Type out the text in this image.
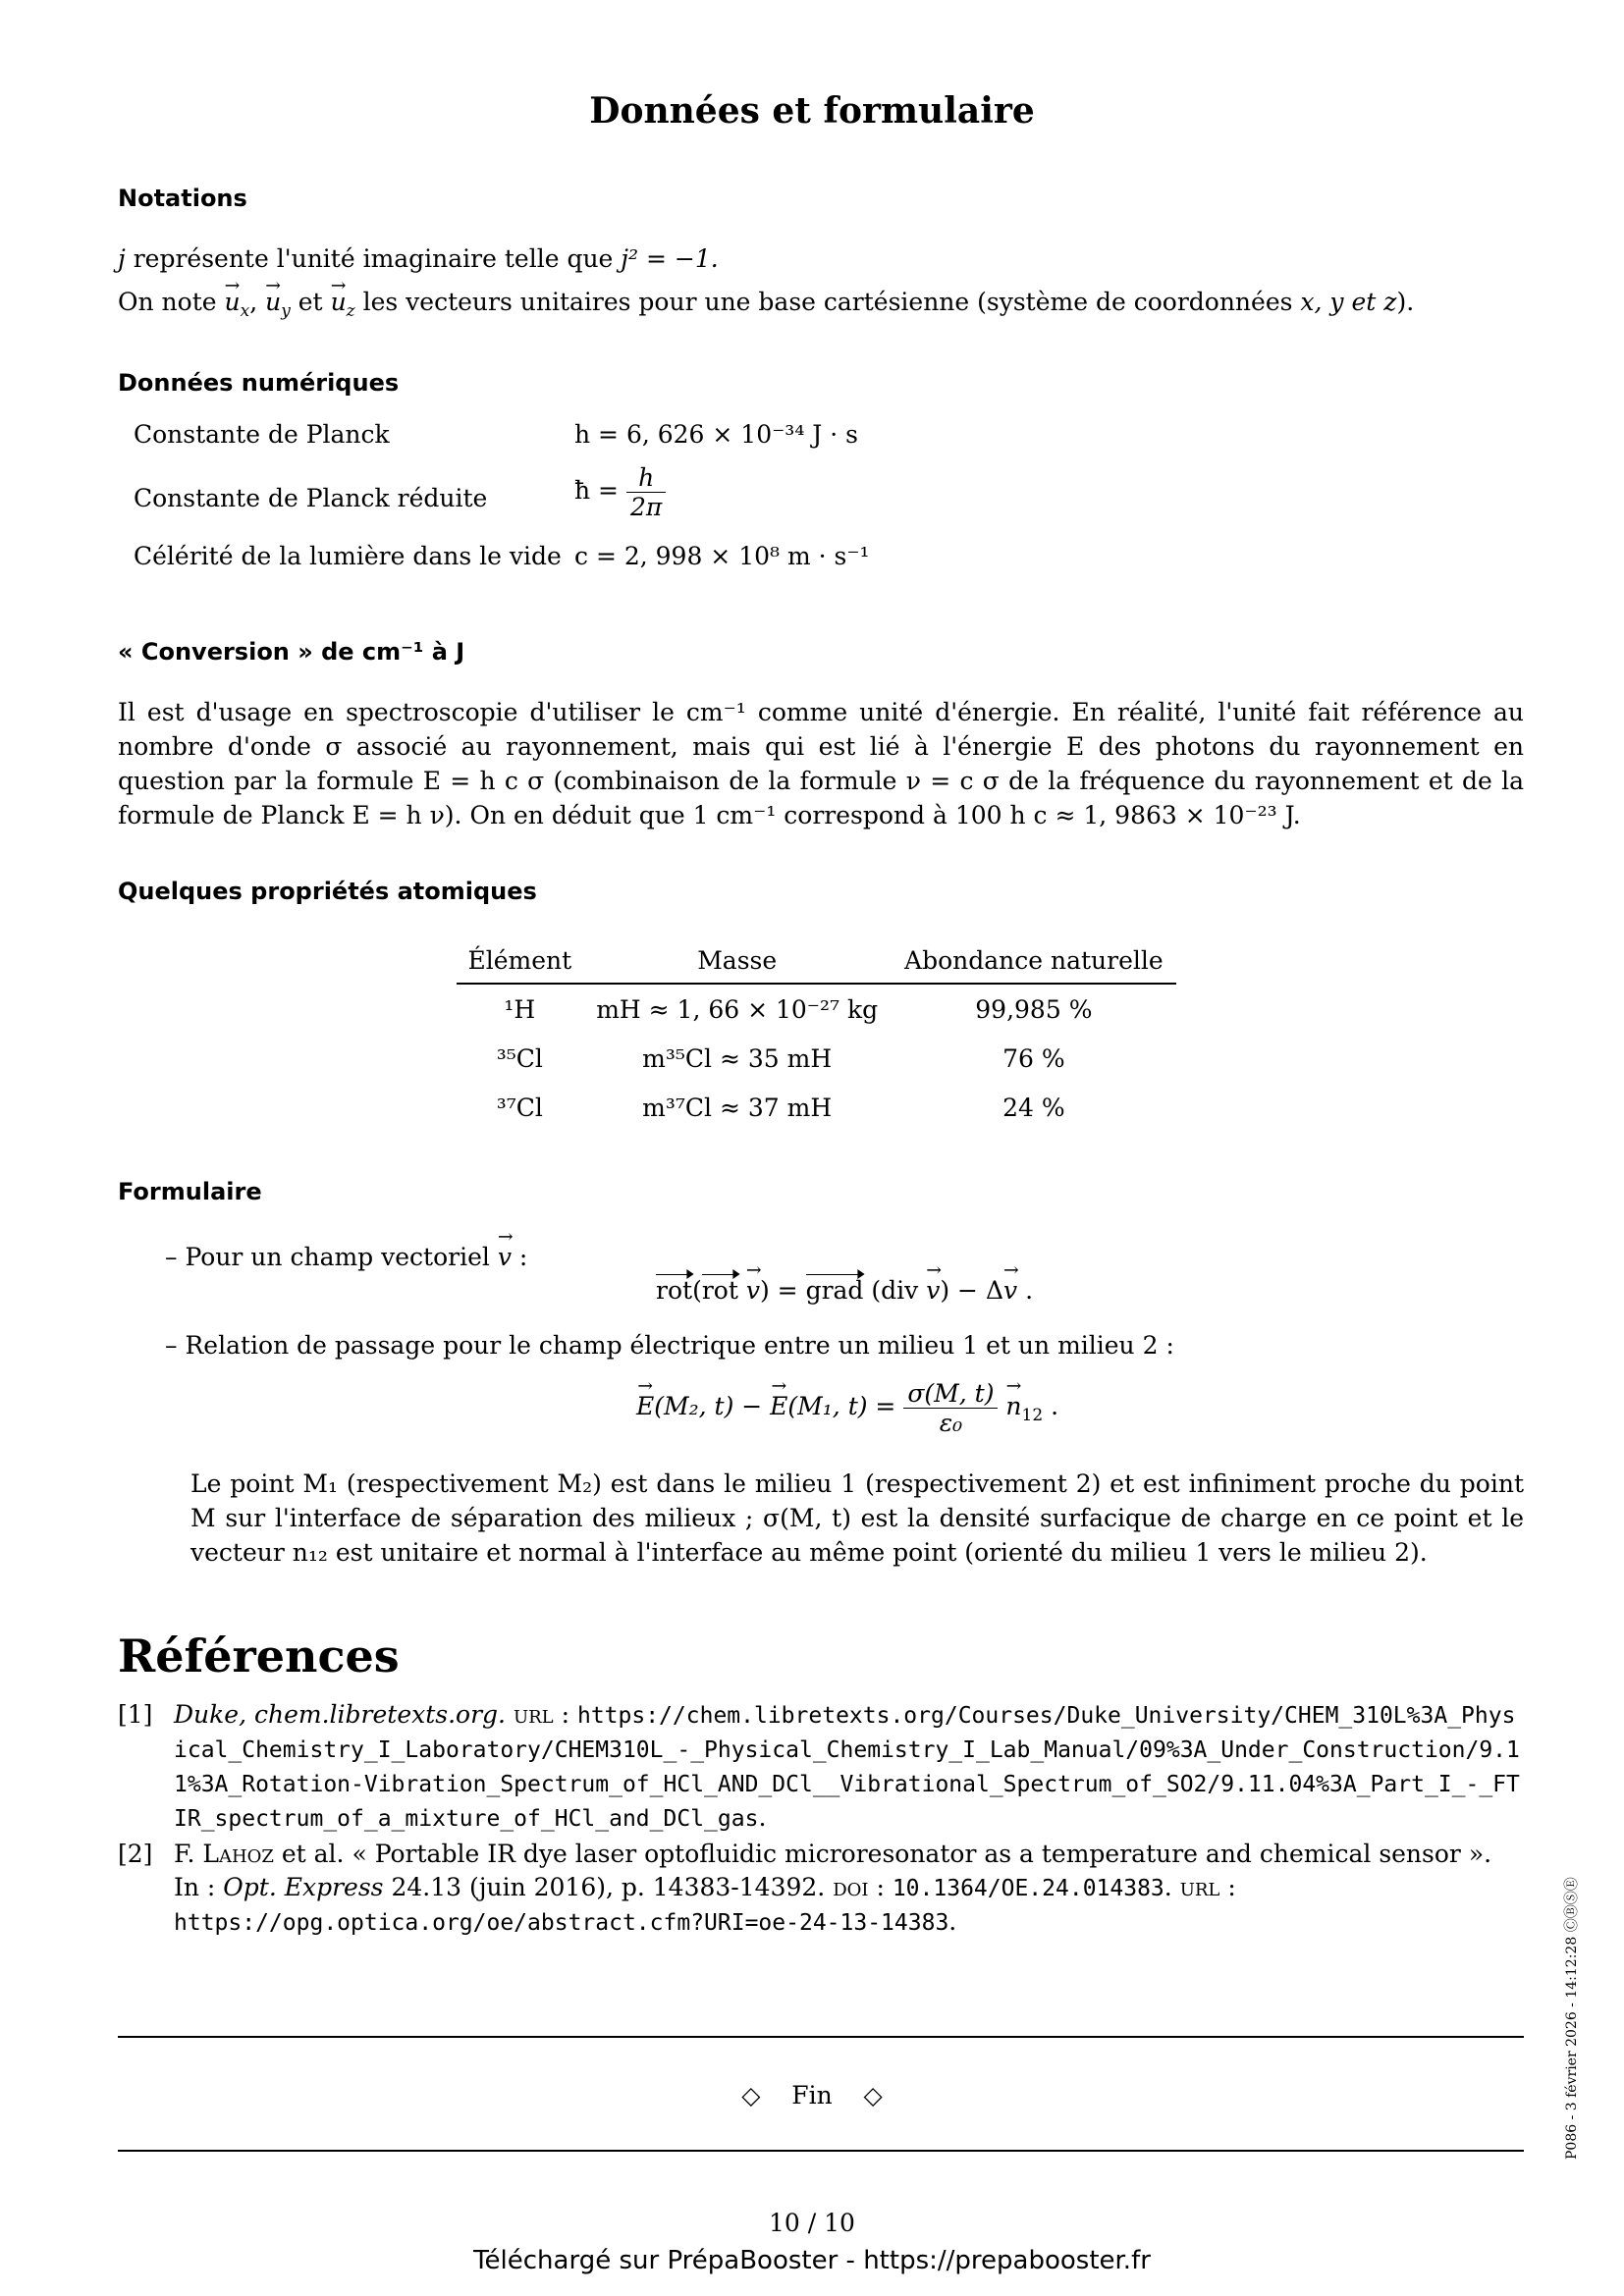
Données et formulaire
Notations
j représente l'unité imaginaire telle que j² = −1.
On note → $u_x$, → $u_y$ et → $u_z$ les vecteurs unitaires pour une base cartésienne (système de coordonnées x, y et z).
Données numériques
Constante de Planck	h = 6, 626 × 10⁻³⁴ J · s
Constante de Planck réduite	ħ = $\frac{h}{2\pi}$
Célérité de la lumière dans le vide c = 2, 998 × 10⁸ m · s⁻¹
« Conversion » de cm⁻¹ à J
Il est d'usage en spectroscopie d'utiliser le cm⁻¹ comme unité d'énergie. En réalité, l'unité fait référence au nombre d'onde σ associé au rayonnement, mais qui est lié à l'énergie E des photons du rayonnement en question par la formule E = h c σ (combinaison de la formule ν = c σ de la fréquence du rayonnement et de la formule de Planck E = h ν). On en déduit que 1 cm⁻¹ correspond à 100 h c ≈ 1, 9863 × 10⁻²³ J.
Quelques propriétés atomiques
Élément	Masse	Abondance naturelle
¹H	mH ≈ 1, 66 × 10⁻²⁷ kg	99,985 %
³⁵Cl	m³⁵Cl ≈ 35 mH	76 %
³⁷Cl	m³⁷Cl ≈ 37 mH	24 %
Formulaire
– Pour un champ vectoriel → v :
rot(rot → v) = grad (div → v) − Δ→ v .
– Relation de passage pour le champ électrique entre un milieu 1 et un milieu 2 :
→ E(M₂, t) − → E(M₁, $t) = \frac{\sigma(M, t)}{\text{ε₀}} \to n_{12}$ .
Le point M₁ (respectivement M₂) est dans le milieu 1 (respectivement 2) et est infiniment proche du point M sur l'interface de séparation des milieux ; σ(M, t) est la densité surfacique de charge en ce point et le vecteur n₁₂ est unitaire et normal à l'interface au même point (orienté du milieu 1 vers le milieu 2).
Références
[1] Duke, chem.libretexts.org. url : https://chem.libretexts.org/Courses/Duke_University/CHEM_310L%3A_Physical_Chemistry_I_Laboratory/CHEM310L_-_Physical_Chemistry_I_Lab_Manual/09%3A_Under_Construction/9.11%3A_Rotation-Vibration_Spectrum_of_HCl_AND_DCl__Vibrational_Spectrum_of_SO2/9.11.04%3A_Part_I_-_FTIR_spectrum_of_a_mixture_of_HCl_and_DCl_gas.
[2] F. Lahoz et al. « Portable IR dye laser optofluidic microresonator as a temperature and chemical sensor ». In : Opt. Express 24.13 (juin 2016), p. 14383-14392. doi : 10.1364/OE.24.014383. url : https://opg.optica.org/oe/abstract.cfm?URI=oe-24-13-14383.
◇    Fin    ◇
10 / 10
Téléchargé sur PrépaBooster - https://prepabooster.fr
P086 - 3 février 2026 - 14:12:28 ⒸⒷⓈⒺ
